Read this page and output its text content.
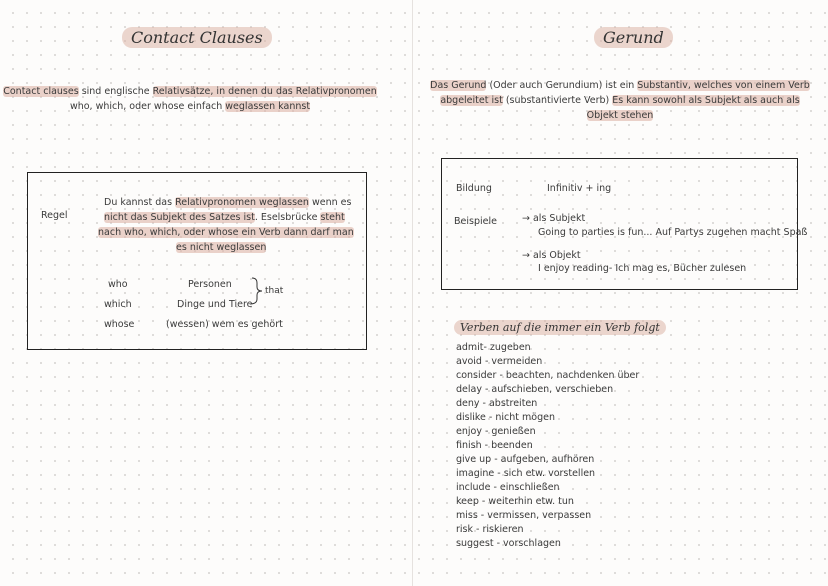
Contact Clauses
Contact clauses sind englische Relativsätze, in denen du das Relativpronomen
who, which, oder whose einfach weglassen kannst
Regel
Du kannst das Relativpronomen weglassen wenn es
nicht das Subjekt des Satzes ist. Eselsbrücke steht
nach who, which, oder whose ein Verb dann darf man
es nicht weglassen
who	Personen
which	Dinge und Tiere
whose	(wessen) wem es gehört
that
Gerund
Das Gerund (Oder auch Gerundium) ist ein Substantiv, welches von einem Verb
abgeleitet ist (substantivierte Verb) Es kann sowohl als Subjekt als auch als
Objekt stehen
Bildung	Infinitiv + ing
Beispiele	→ als Subjekt
Going to parties is fun... Auf Partys zugehen macht Spaß
→ als Objekt
I enjoy reading- Ich mag es, Bücher zulesen
Verben auf die immer ein Verb folgt
admit- zugeben
avoid - vermeiden
consider - beachten, nachdenken über
delay - aufschieben, verschieben
deny - abstreiten
dislike - nicht mögen
enjoy - genießen
finish - beenden
give up - aufgeben, aufhören
imagine - sich etw. vorstellen
include - einschließen
keep - weiterhin etw. tun
miss - vermissen, verpassen
risk - riskieren
suggest - vorschlagen
